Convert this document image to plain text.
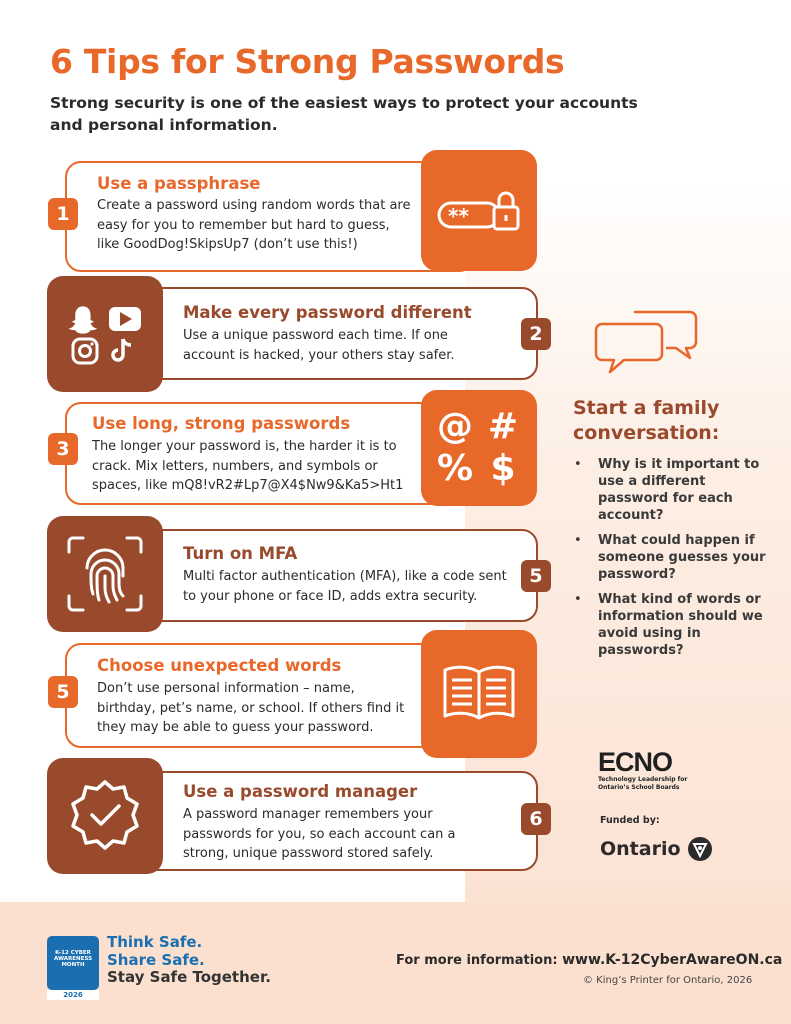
6 Tips for Strong Passwords
Strong security is one of the easiest ways to protect your accounts and personal information.
1
Use a passphrase
Create a password using random words that are easy for you to remember but hard to guess, like GoodDog!SkipsUp7 (don’t use this!)
**
Make every password different
Use a unique password each time. If one account is hacked, your others stay safer.
2
3
Use long, strong passwords
The longer your password is, the harder it is to crack. Mix letters, numbers, and symbols or spaces, like mQ8!vR2#Lp7@X4$Nw9&Ka5>Ht1
@ #
% $
Turn on MFA
Multi factor authentication (MFA), like a code sent to your phone or face ID, adds extra security.
5
5
Choose unexpected words
Don’t use personal information – name, birthday, pet’s name, or school. If others find it they may be able to guess your password.
Use a password manager
A password manager remembers your passwords for you, so each account can a strong, unique password stored safely.
6
Start a family conversation:
• Why is it important to use a different password for each account?
• What could happen if someone guesses your password?
• What kind of words or information should we avoid using in passwords?
ECNO
Technology Leadership for
Ontario’s School Boards
Funded by:
Ontario
K-12 CYBER
AWARENESS
MONTH
2026
Think Safe.
Share Safe.
Stay Safe Together.
For more information: www.K-12CyberAwareON.ca
© King’s Printer for Ontario, 2026
